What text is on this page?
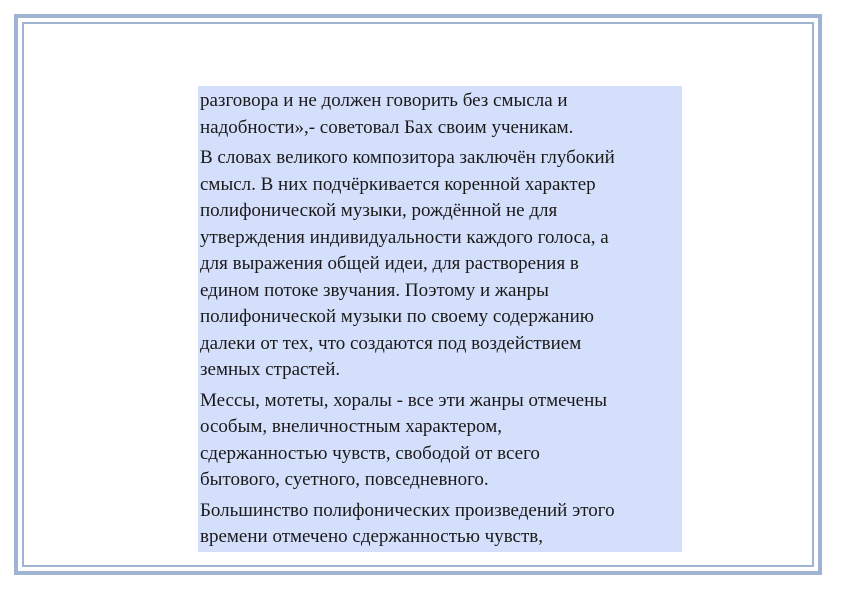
разговора и не должен говорить без смысла и
надобности»,- советовал Бах своим ученикам.

В словах великого композитора заключён глубокий
смысл. В них подчёркивается коренной характер
полифонической музыки, рождённой не для
утверждения индивидуальности каждого голоса, а
для выражения общей идеи, для растворения в
едином потоке звучания. Поэтому и жанры
полифонической музыки по своему содержанию
далеки от тех, что создаются под воздействием
земных страстей.

Мессы, мотеты, хоралы - все эти жанры отмечены
особым, внеличностным характером,
сдержанностью чувств, свободой от всего
бытового, суетного, повседневного.

Большинство полифонических произведений этого
времени отмечено сдержанностью чувств,
